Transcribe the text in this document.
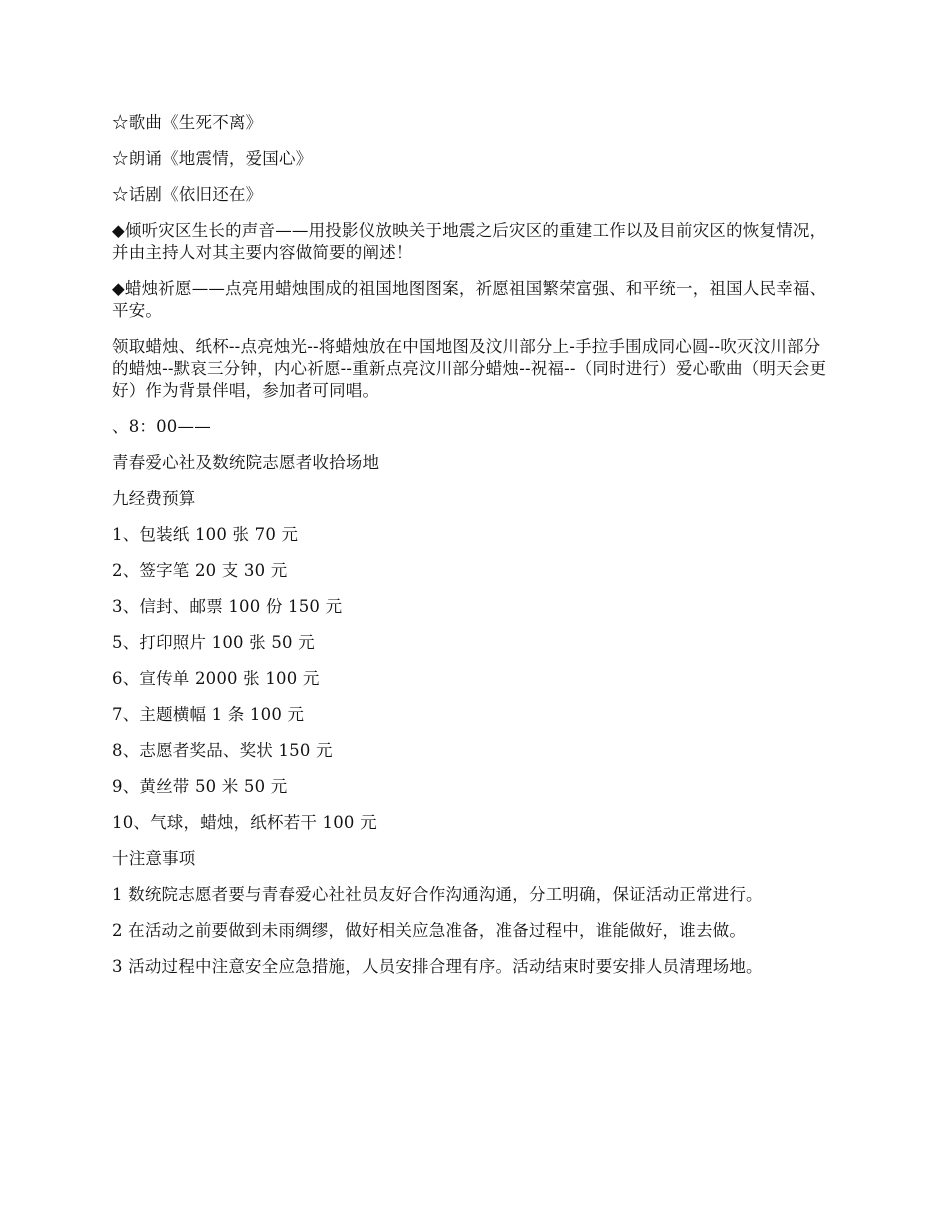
☆歌曲《生死不离》

☆朗诵《地震情，爱国心》

☆话剧《依旧还在》

◆倾听灾区生长的声音——用投影仪放映关于地震之后灾区的重建工作以及目前灾区的恢复情况，并由主持人对其主要内容做简要的阐述！

◆蜡烛祈愿——点亮用蜡烛围成的祖国地图图案，祈愿祖国繁荣富强、和平统一，祖国人民幸福、平安。

领取蜡烛、纸杯--点亮烛光--将蜡烛放在中国地图及汶川部分上-手拉手围成同心圆--吹灭汶川部分的蜡烛--默哀三分钟，内心祈愿--重新点亮汶川部分蜡烛--祝福--（同时进行）爱心歌曲（明天会更好）作为背景伴唱，参加者可同唱。

、8：00——

青春爱心社及数统院志愿者收拾场地

九经费预算

1、包装纸 100 张 70 元

2、签字笔 20 支 30 元

3、信封、邮票 100 份 150 元

5、打印照片 100 张 50 元

6、宣传单 2000 张 100 元

7、主题横幅 1 条 100 元

8、志愿者奖品、奖状 150 元

9、黄丝带 50 米 50 元

10、气球，蜡烛，纸杯若干 100 元

十注意事项

1 数统院志愿者要与青春爱心社社员友好合作沟通沟通，分工明确，保证活动正常进行。

2 在活动之前要做到未雨绸缪，做好相关应急准备，准备过程中，谁能做好，谁去做。

3 活动过程中注意安全应急措施，人员安排合理有序。活动结束时要安排人员清理场地。
